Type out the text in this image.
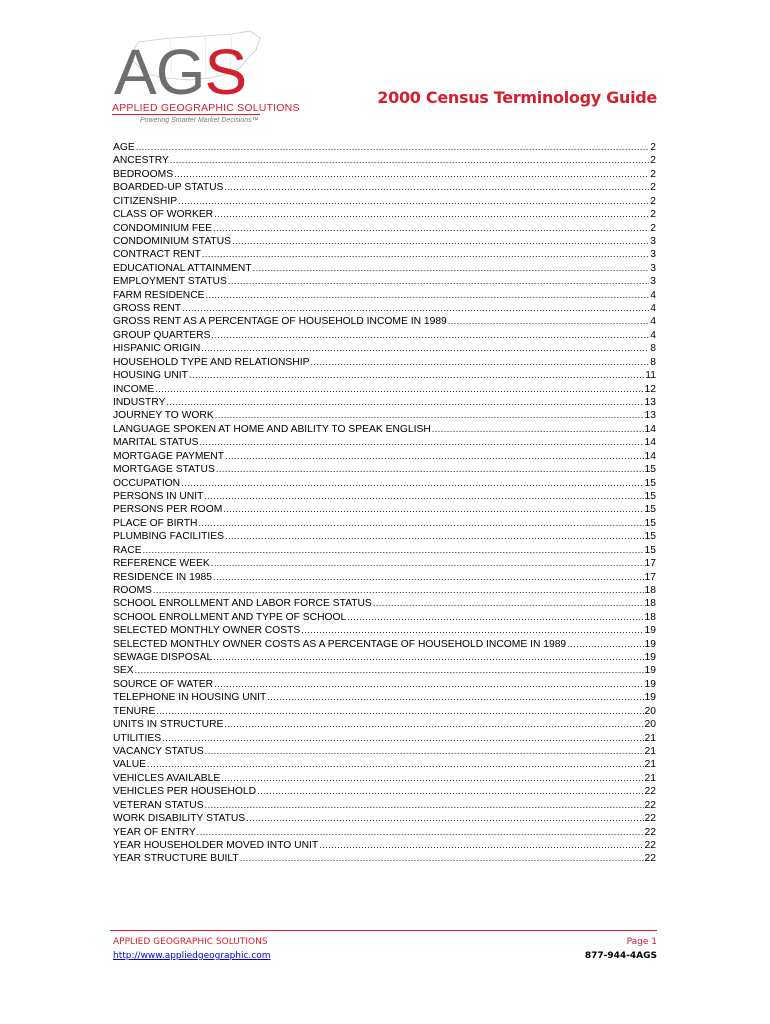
AGS
APPLIED GEOGRAPHIC SOLUTIONS
Powering Smarter Market Decisions™
2000 Census Terminology Guide
AGE .....	2
ANCESTRY .....	2
BEDROOMS .....	2
BOARDED-UP STATUS .....	2
CITIZENSHIP .....	2
CLASS OF WORKER .....	2
CONDOMINIUM FEE .....	2
CONDOMINIUM STATUS .....	3
CONTRACT RENT .....	3
EDUCATIONAL ATTAINMENT .....	3
EMPLOYMENT STATUS .....	3
FARM RESIDENCE .....	4
GROSS RENT .....	4
GROSS RENT AS A PERCENTAGE OF HOUSEHOLD INCOME IN 1989 .....	4
GROUP QUARTERS .....	4
HISPANIC ORIGIN .....	8
HOUSEHOLD TYPE AND RELATIONSHIP .....	8
HOUSING UNIT .....	11
INCOME .....	12
INDUSTRY .....	13
JOURNEY TO WORK .....	13
LANGUAGE SPOKEN AT HOME AND ABILITY TO SPEAK ENGLISH .....	14
MARITAL STATUS .....	14
MORTGAGE PAYMENT .....	14
MORTGAGE STATUS .....	15
OCCUPATION .....	15
PERSONS IN UNIT .....	15
PERSONS PER ROOM .....	15
PLACE OF BIRTH .....	15
PLUMBING FACILITIES .....	15
RACE .....	15
REFERENCE WEEK .....	17
RESIDENCE IN 1985 .....	17
ROOMS .....	18
SCHOOL ENROLLMENT AND LABOR FORCE STATUS .....	18
SCHOOL ENROLLMENT AND TYPE OF SCHOOL .....	18
SELECTED MONTHLY OWNER COSTS .....	19
SELECTED MONTHLY OWNER COSTS AS A PERCENTAGE OF HOUSEHOLD INCOME IN 1989 .....	19
SEWAGE DISPOSAL .....	19
SEX .....	19
SOURCE OF WATER .....	19
TELEPHONE IN HOUSING UNIT .....	19
TENURE .....	20
UNITS IN STRUCTURE .....	20
UTILITIES .....	21
VACANCY STATUS .....	21
VALUE .....	21
VEHICLES AVAILABLE .....	21
VEHICLES PER HOUSEHOLD .....	22
VETERAN STATUS .....	22
WORK DISABILITY STATUS .....	22
YEAR OF ENTRY .....	22
YEAR HOUSEHOLDER MOVED INTO UNIT .....	22
YEAR STRUCTURE BUILT .....	22
APPLIED GEOGRAPHIC SOLUTIONS
http://www.appliedgeographic.com
Page 1
877-944-4AGS
